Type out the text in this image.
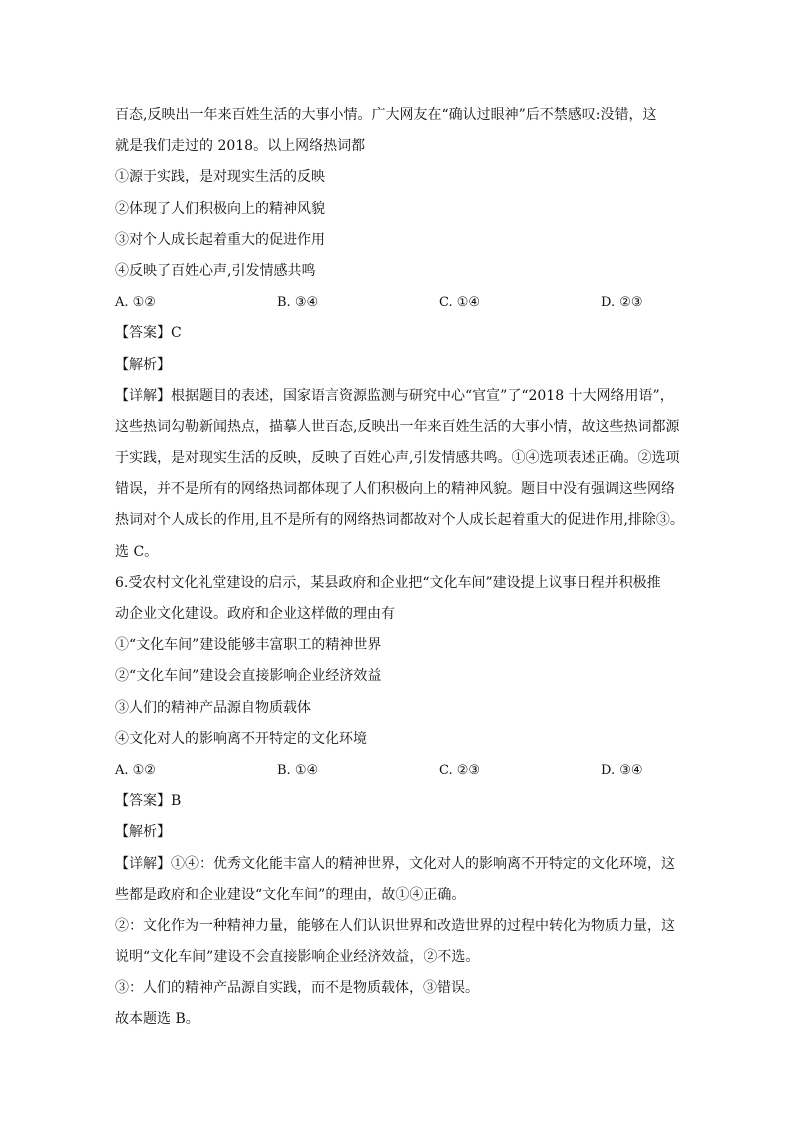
百态,反映出一年来百姓生活的大事小情。广大网友在“确认过眼神”后不禁感叹:没错，这
就是我们走过的 2018。以上网络热词都
①源于实践，是对现实生活的反映
②体现了人们积极向上的精神风貌
③对个人成长起着重大的促进作用
④反映了百姓心声,引发情感共鸣
A. ①②	B. ③④	C. ①④	D. ②③
【答案】C
【解析】
【详解】根据题目的表述，国家语言资源监测与研究中心“官宣”了“2018 十大网络用语”，
这些热词勾勒新闻热点，描摹人世百态,反映出一年来百姓生活的大事小情，故这些热词都源
于实践，是对现实生活的反映，反映了百姓心声,引发情感共鸣。①④选项表述正确。②选项
错误，并不是所有的网络热词都体现了人们积极向上的精神风貌。题目中没有强调这些网络
热词对个人成长的作用,且不是所有的网络热词都故对个人成长起着重大的促进作用,排除③。
选 C。
6.受农村文化礼堂建设的启示，某县政府和企业把“文化车间”建设提上议事日程并积极推
动企业文化建设。政府和企业这样做的理由有
①“文化车间”建设能够丰富职工的精神世界
②“文化车间”建设会直接影响企业经济效益
③人们的精神产品源自物质载体
④文化对人的影响离不开特定的文化环境
A. ①②	B. ①④	C. ②③	D. ③④
【答案】B
【解析】
【详解】①④：优秀文化能丰富人的精神世界，文化对人的影响离不开特定的文化环境，这
些都是政府和企业建设“文化车间”的理由，故①④正确。
②：文化作为一种精神力量，能够在人们认识世界和改造世界的过程中转化为物质力量，这
说明“文化车间”建设不会直接影响企业经济效益，②不选。
③：人们的精神产品源自实践，而不是物质载体，③错误。
故本题选 B。
